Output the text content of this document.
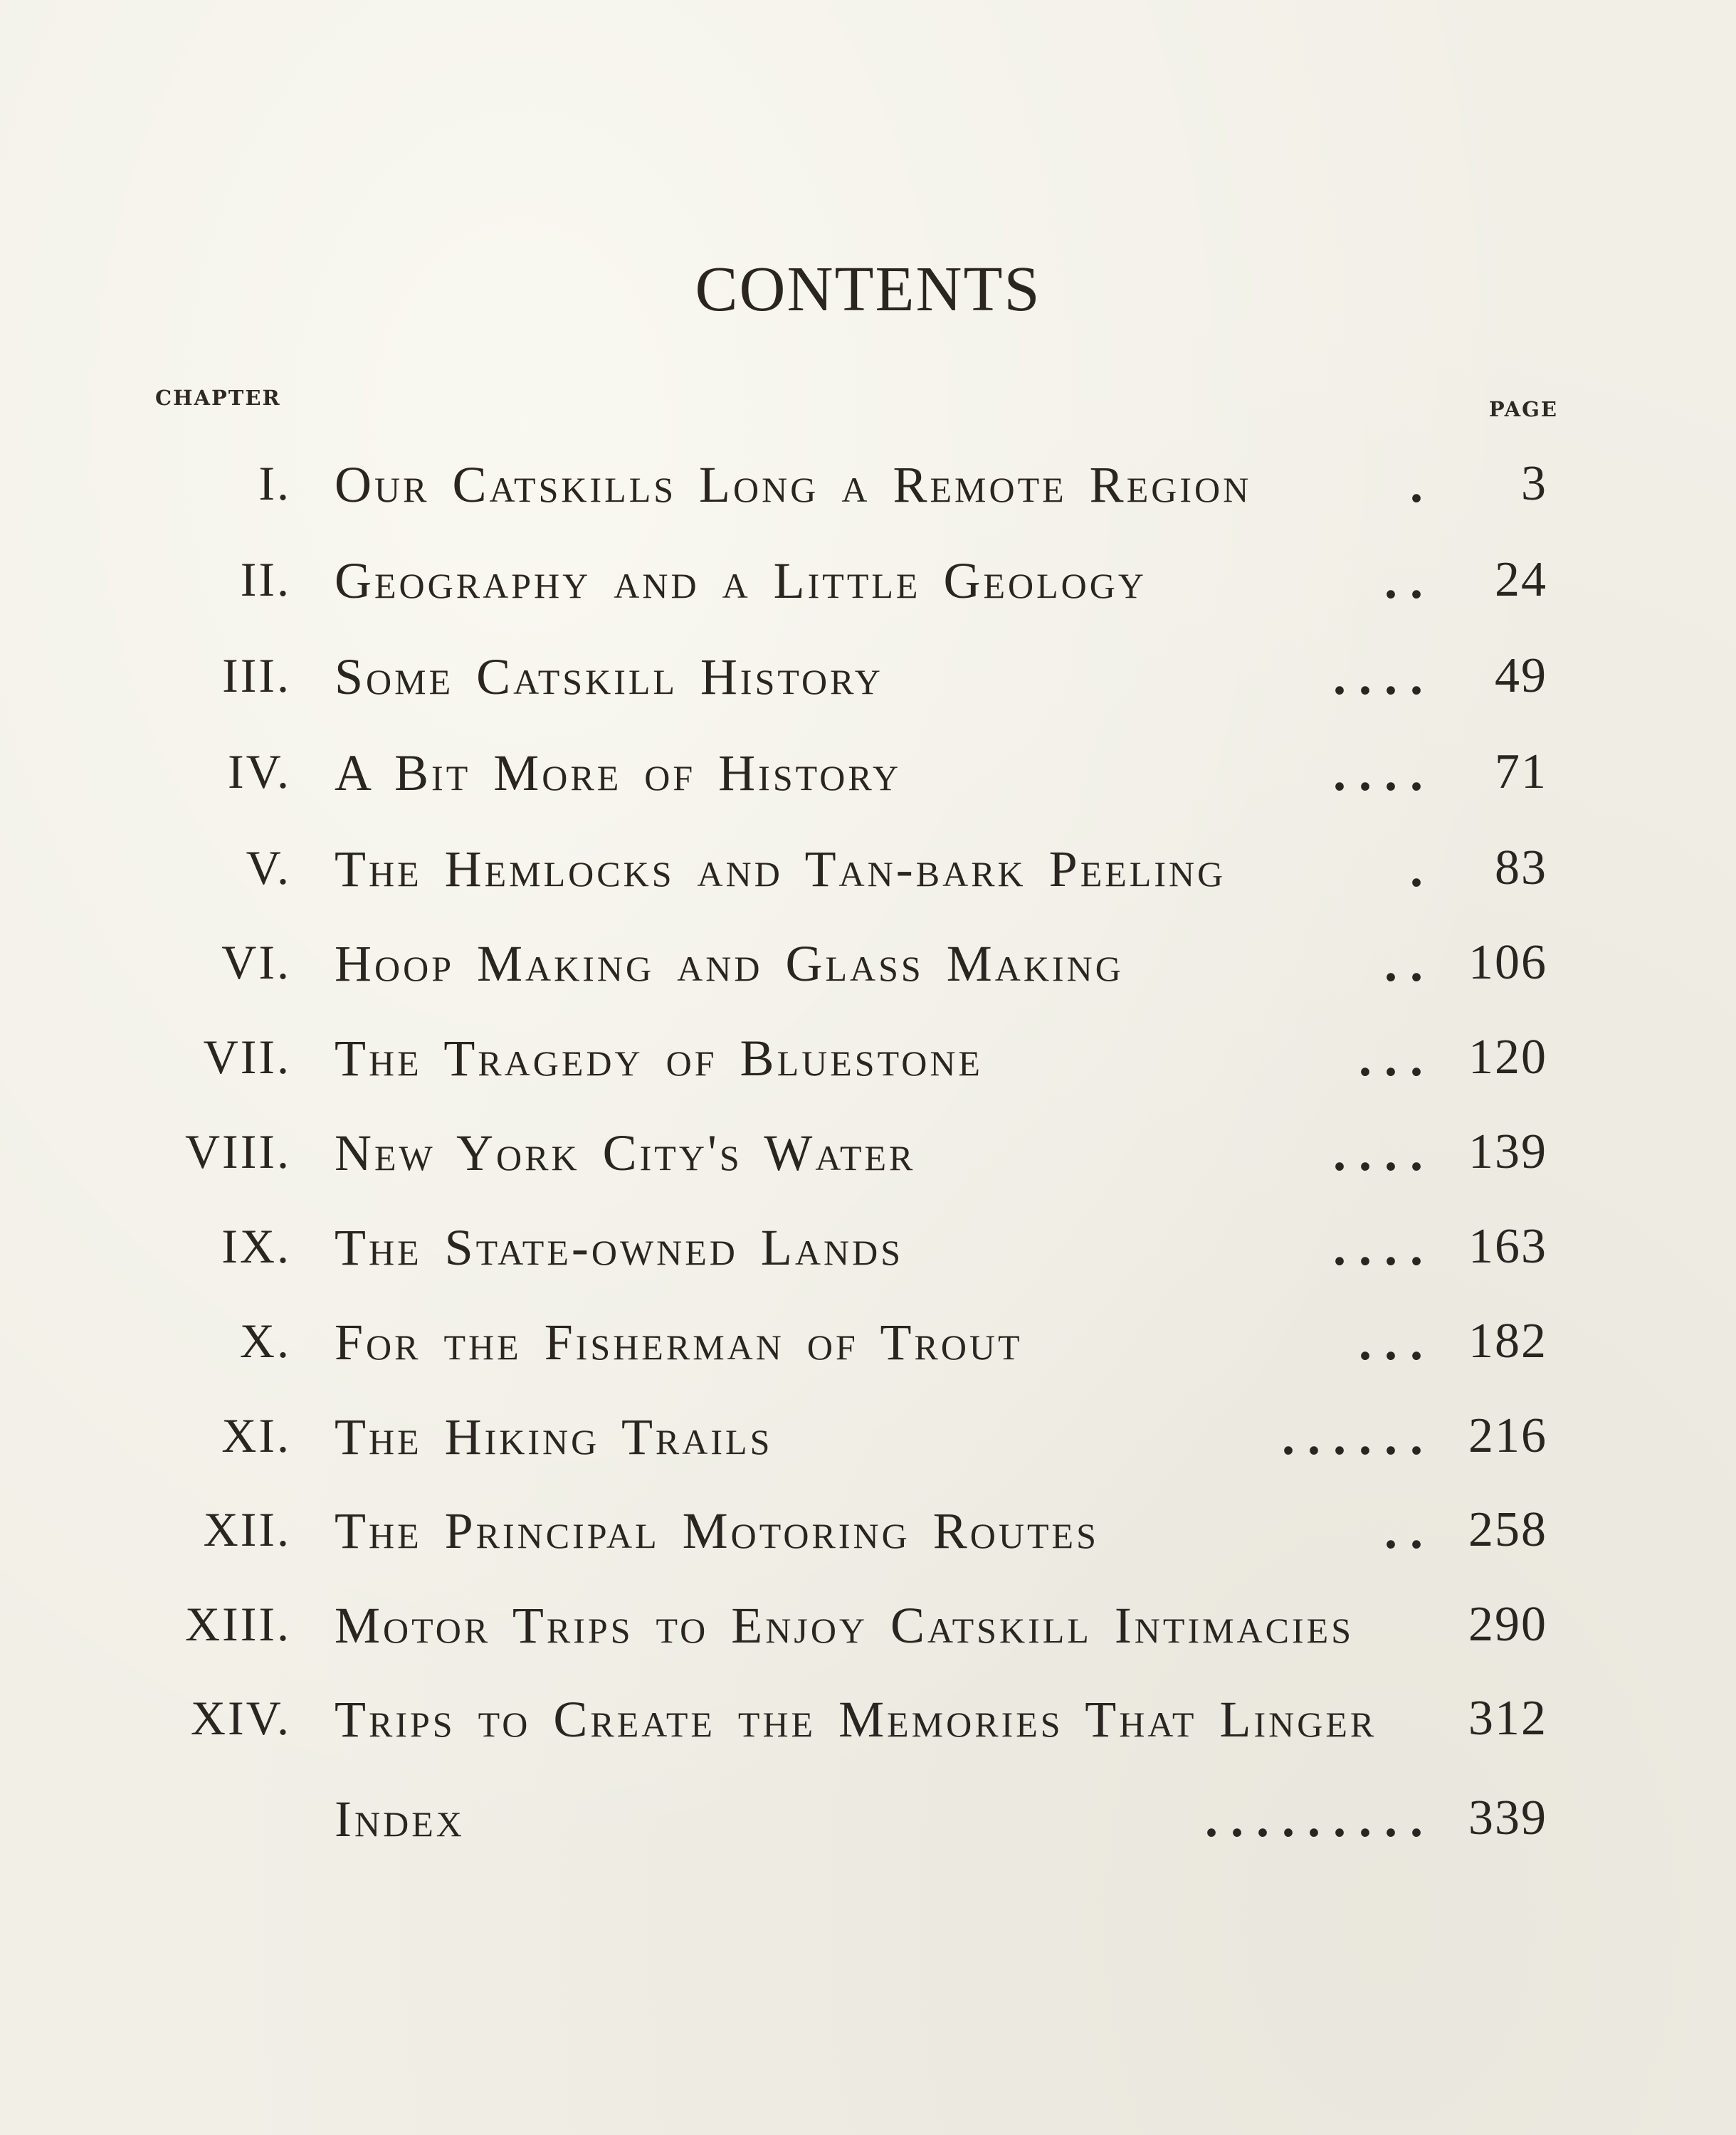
CONTENTS
CHAPTER	PAGE
I. Our Catskills Long a Remote Region	. 3
II. Geography and a Little Geology	. . 24
III. Some Catskill History	. . . . 49
IV. A Bit More of History	. . . . 71
V. The Hemlocks and Tan-bark Peeling	. 83
VI. Hoop Making and Glass Making	. . 106
VII. The Tragedy of Bluestone	. . . 120
VIII. New York City's Water	. . . . 139
IX. The State-owned Lands	. . . . 163
X. For the Fisherman of Trout	. . . 182
XI. The Hiking Trails	. . . . . . 216
XII. The Principal Motoring Routes	. . 258
XIII. Motor Trips to Enjoy Catskill Intimacies 290
XIV. Trips to Create the Memories That Linger 312
Index	. . . . . . . . . 339
